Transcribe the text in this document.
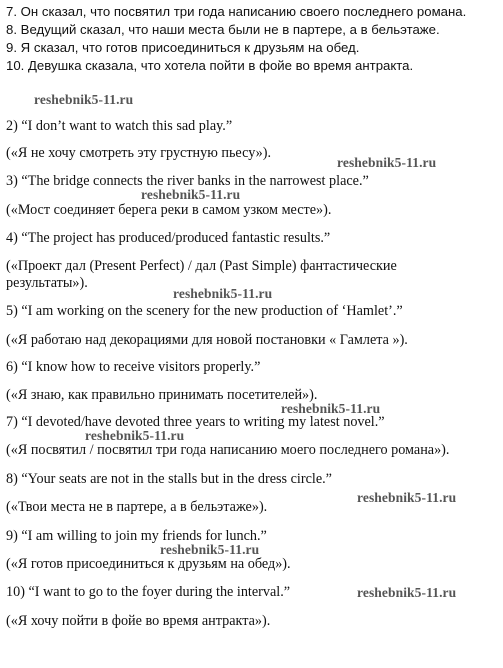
7. Он сказал, что посвятил три года написанию своего последнего романа.
8. Ведущий сказал, что наши места были не в партере, а в бельэтаже.
9. Я сказал, что готов присоединиться к друзьям на обед.
10. Девушка сказала, что хотела пойти в фойе во время антракта.
reshebnik5-11.ru
reshebnik5-11.ru
reshebnik5-11.ru
reshebnik5-11.ru
reshebnik5-11.ru
reshebnik5-11.ru
reshebnik5-11.ru
reshebnik5-11.ru
reshebnik5-11.ru
2) “I don’t want to watch this sad play.”
(«Я не хочу смотреть эту грустную пьесу»).
3) “The bridge connects the river banks in the narrowest place.”
(«Мост соединяет берега реки в самом узком месте»).
4) “The project has produced/produced fantastic results.”
(«Проект дал (Present Perfect) / дал (Past Simple) фантастические
результаты»).
5) “I am working on the scenery for the new production of ‘Hamlet’.”
(«Я работаю над декорациями для новой постановки « Гамлета »).
6) “I know how to receive visitors properly.”
(«Я знаю, как правильно принимать посетителей»).
7) “I devoted/have devoted three years to writing my latest novel.”
(«Я посвятил / посвятил три года написанию моего последнего романа»).
8) “Your seats are not in the stalls but in the dress circle.”
(«Твои места не в партере, а в бельэтаже»).
9) “I am willing to join my friends for lunch.”
(«Я готов присоединиться к друзьям на обед»).
10) “I want to go to the foyer during the interval.”
(«Я хочу пойти в фойе во время антракта»).
